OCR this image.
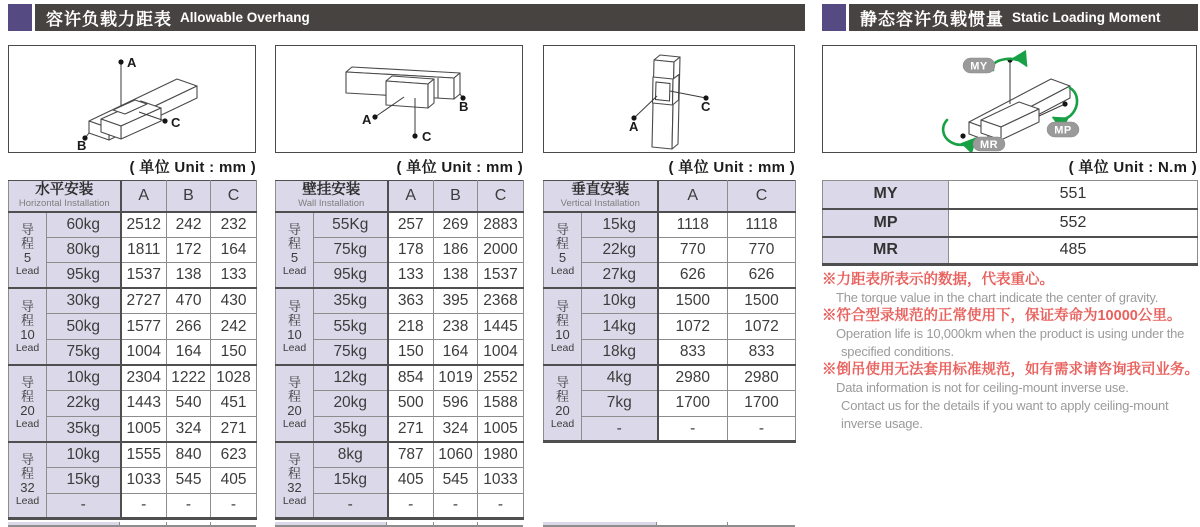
容许负载力距表 Allowable Overhang	静态容许负载惯量 Static Loading Moment
A
B
C	A
B
C
A
C
MY
MP
MR
( 单位 Unit : mm )	( 单位 Unit : mm )	( 单位 Unit : mm )	( 单位 Unit : N.m )
水平安装
Horizontal Installation		A	B	C

导
程
5
Lead	60kg	2512	242	232
	80kg	1811	172	164
	95kg	1537	138	133

导
程
10
Lead	30kg	2727	470	430
	50kg	1577	266	242
	75kg	1004	164	150

导
程
20
Lead	10kg	2304	1222	1028
	22kg	1443	540	451
	35kg	1005	324	271

导
程
32
Lead	10kg	1555	840	623
	15kg	1033	545	405
	-	-	-	-
壁挂安装
Wall Installation		A	B	C

导
程
5
Lead	55Kg	257	269	2883
	75kg	178	186	2000
	95kg	133	138	1537

导
程
10
Lead	35kg	363	395	2368
	55kg	218	238	1445
	75kg	150	164	1004

导
程
20
Lead	12kg	854	1019	2552
	20kg	500	596	1588
	35kg	271	324	1005

导
程
32
Lead	8kg	787	1060	1980
	15kg	405	545	1033
	-	-	-	-
垂直安装
Vertical Installation		A	C

导
程
5
Lead	15kg	1118	1118
	22kg	770	770
	27kg	626	626

导
程
10
Lead	10kg	1500	1500
	14kg	1072	1072
	18kg	833	833

导
程
20
Lead	4kg	2980	2980
	7kg	1700	1700
	-	-	-
MY	551
MP	552
MR	485
※力距表所表示的数据，代表重心。
The torque value in the chart indicate the center of gravity.
※符合型录规范的正常使用下，保证寿命为10000公里。
Operation life is 10,000km when the product is using under the
specified conditions.
※倒吊使用无法套用标准规范，如有需求请咨询我司业务。
Data information is not for ceiling-mount inverse use.
Contact us for the details if you want to apply ceiling-mount
inverse usage.
